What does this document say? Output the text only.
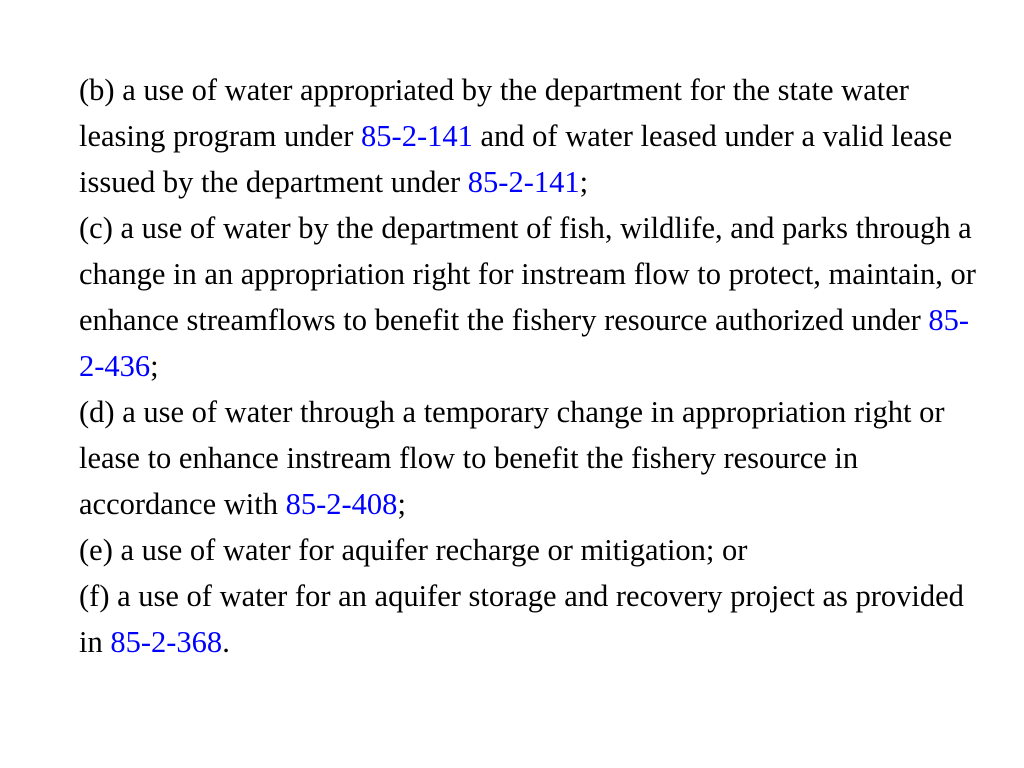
(b) a use of water appropriated by the department for the state water leasing program under 85-2-141 and of water leased under a valid lease issued by the department under 85-2-141;

(c) a use of water by the department of fish, wildlife, and parks through a change in an appropriation right for instream flow to protect, maintain, or enhance streamflows to benefit the fishery resource authorized under 85-2-436;

(d) a use of water through a temporary change in appropriation right or lease to enhance instream flow to benefit the fishery resource in accordance with 85-2-408;

(e) a use of water for aquifer recharge or mitigation; or

(f) a use of water for an aquifer storage and recovery project as provided in 85-2-368.
